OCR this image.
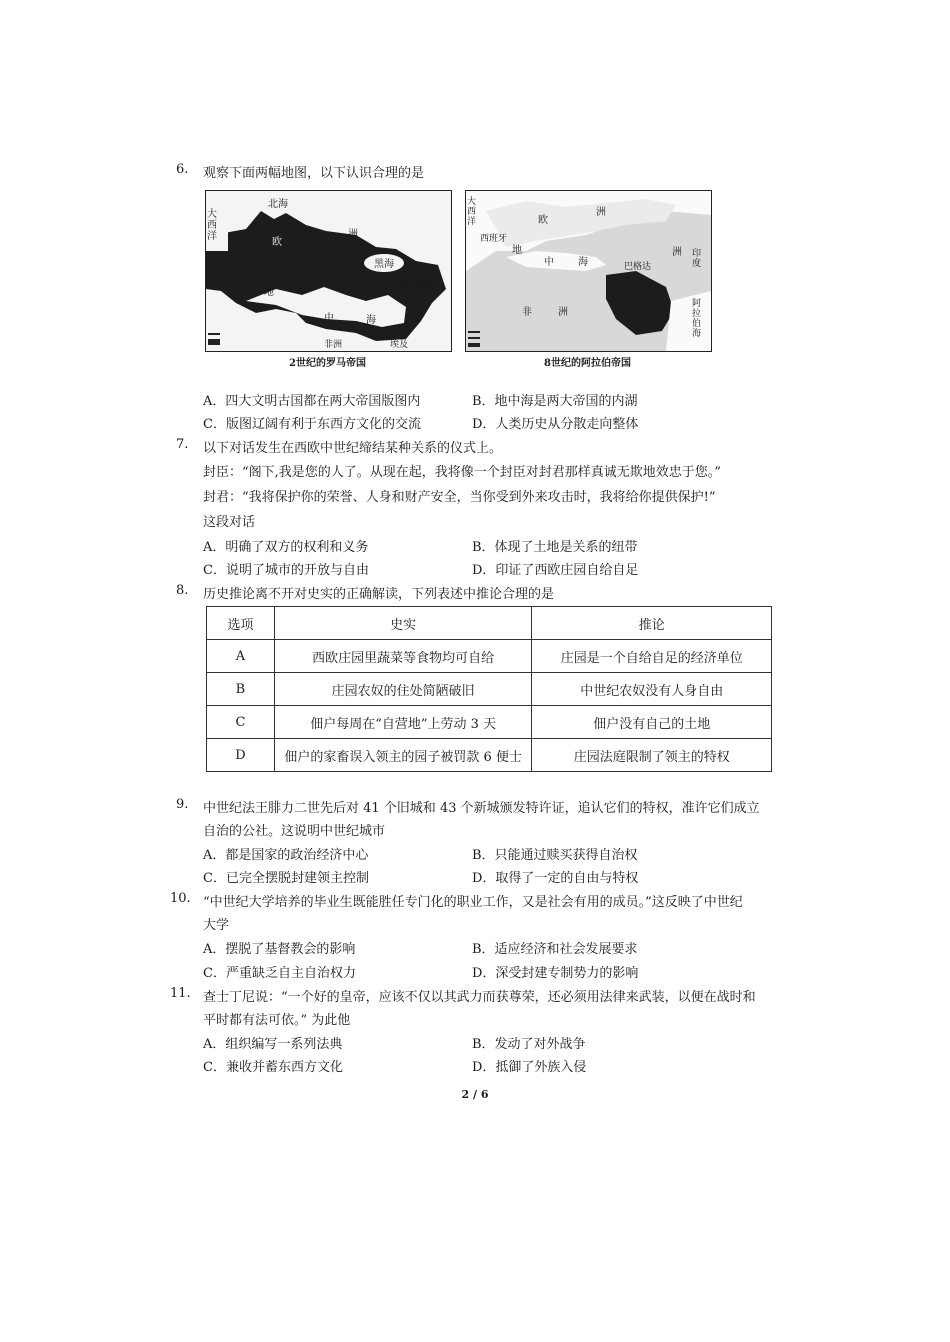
6. 观察下面两幅地图，以下认识合理的是
北海
大西洋
欧
洲
黑海
地
罗马	小亚细亚
中	海
非洲	埃及
2世纪的罗马帝国
大西洋
西班牙
欧
洲
中
地
海	巴格达
非	洲
阿拉伯海
洲 印度
8世纪的阿拉伯帝国
A．四大文明古国都在两大帝国版图内	B．地中海是两大帝国的内湖
C．版图辽阔有利于东西方文化的交流	D．人类历史从分散走向整体
7. 以下对话发生在西欧中世纪缔结某种关系的仪式上。
封臣：“阁下,我是您的人了。从现在起，我将像一个封臣对封君那样真诚无欺地效忠于您。”
封君：“我将保护你的荣誉、人身和财产安全，当你受到外来攻击时，我将给你提供保护!”
这段对话
A．明确了双方的权利和义务	B．体现了土地是关系的纽带
C．说明了城市的开放与自由	D．印证了西欧庄园自给自足
8. 历史推论离不开对史实的正确解读，下列表述中推论合理的是
选项	史实	推论
A	西欧庄园里蔬菜等食物均可自给	庄园是一个自给自足的经济单位
B	庄园农奴的住处简陋破旧	中世纪农奴没有人身自由
C	佃户每周在“自营地”上劳动 3 天	佃户没有自己的土地
D	佃户的家畜误入领主的园子被罚款 6 便士	庄园法庭限制了领主的特权
9. 中世纪法王腓力二世先后对 41 个旧城和 43 个新城颁发特许证，追认它们的特权，准许它们成立
自治的公社。这说明中世纪城市
A．都是国家的政治经济中心	B．只能通过赎买获得自治权
C．已完全摆脱封建领主控制	D．取得了一定的自由与特权
10. “中世纪大学培养的毕业生既能胜任专门化的职业工作，又是社会有用的成员。”这反映了中世纪
大学
A．摆脱了基督教会的影响	B．适应经济和社会发展要求
C．严重缺乏自主自治权力	D．深受封建专制势力的影响
11. 查士丁尼说：“一个好的皇帝，应该不仅以其武力而获尊荣，还必须用法律来武装，以便在战时和
平时都有法可依。” 为此他
A．组织编写一系列法典	B．发动了对外战争
C．兼收并蓄东西方文化	D．抵御了外族入侵
2 / 6
